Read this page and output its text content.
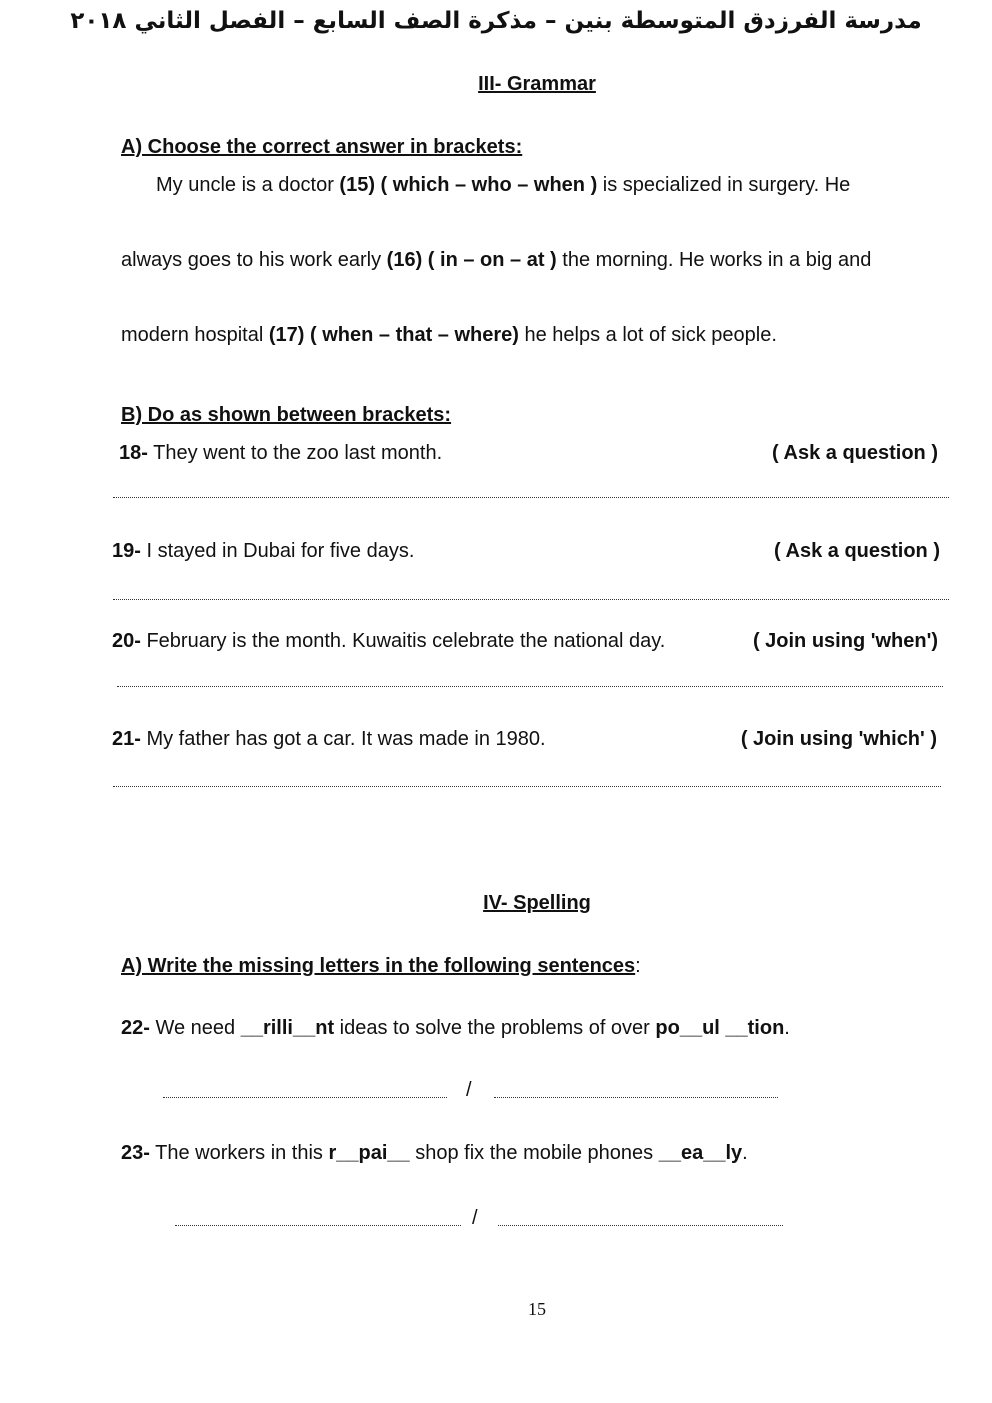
مدرسة الفرزدق المتوسطة بنين – مذكرة الصف السابع – الفصل الثاني ٢٠١٨
III- Grammar
A) Choose the correct answer in brackets:
My uncle is a doctor (15) ( which – who – when ) is specialized in surgery. He
always goes to his work early (16) ( in – on – at ) the morning. He works in a big and
modern hospital (17) ( when – that – where) he helps a lot of sick people.
B) Do as shown between brackets:
18- They went to the zoo last month.	( Ask a question )
19- I stayed in Dubai for five days.	( Ask a question )
20- February is the month. Kuwaitis celebrate the national day.	( Join using 'when')
21- My father has got a car. It was made in 1980.	( Join using 'which' )
IV- Spelling
A) Write the missing letters in the following sentences:
22- We need __rilli__nt ideas to solve the problems of over po__ul __tion.
/
23- The workers in this r__pai__ shop fix the mobile phones __ea__ly.
/
15
